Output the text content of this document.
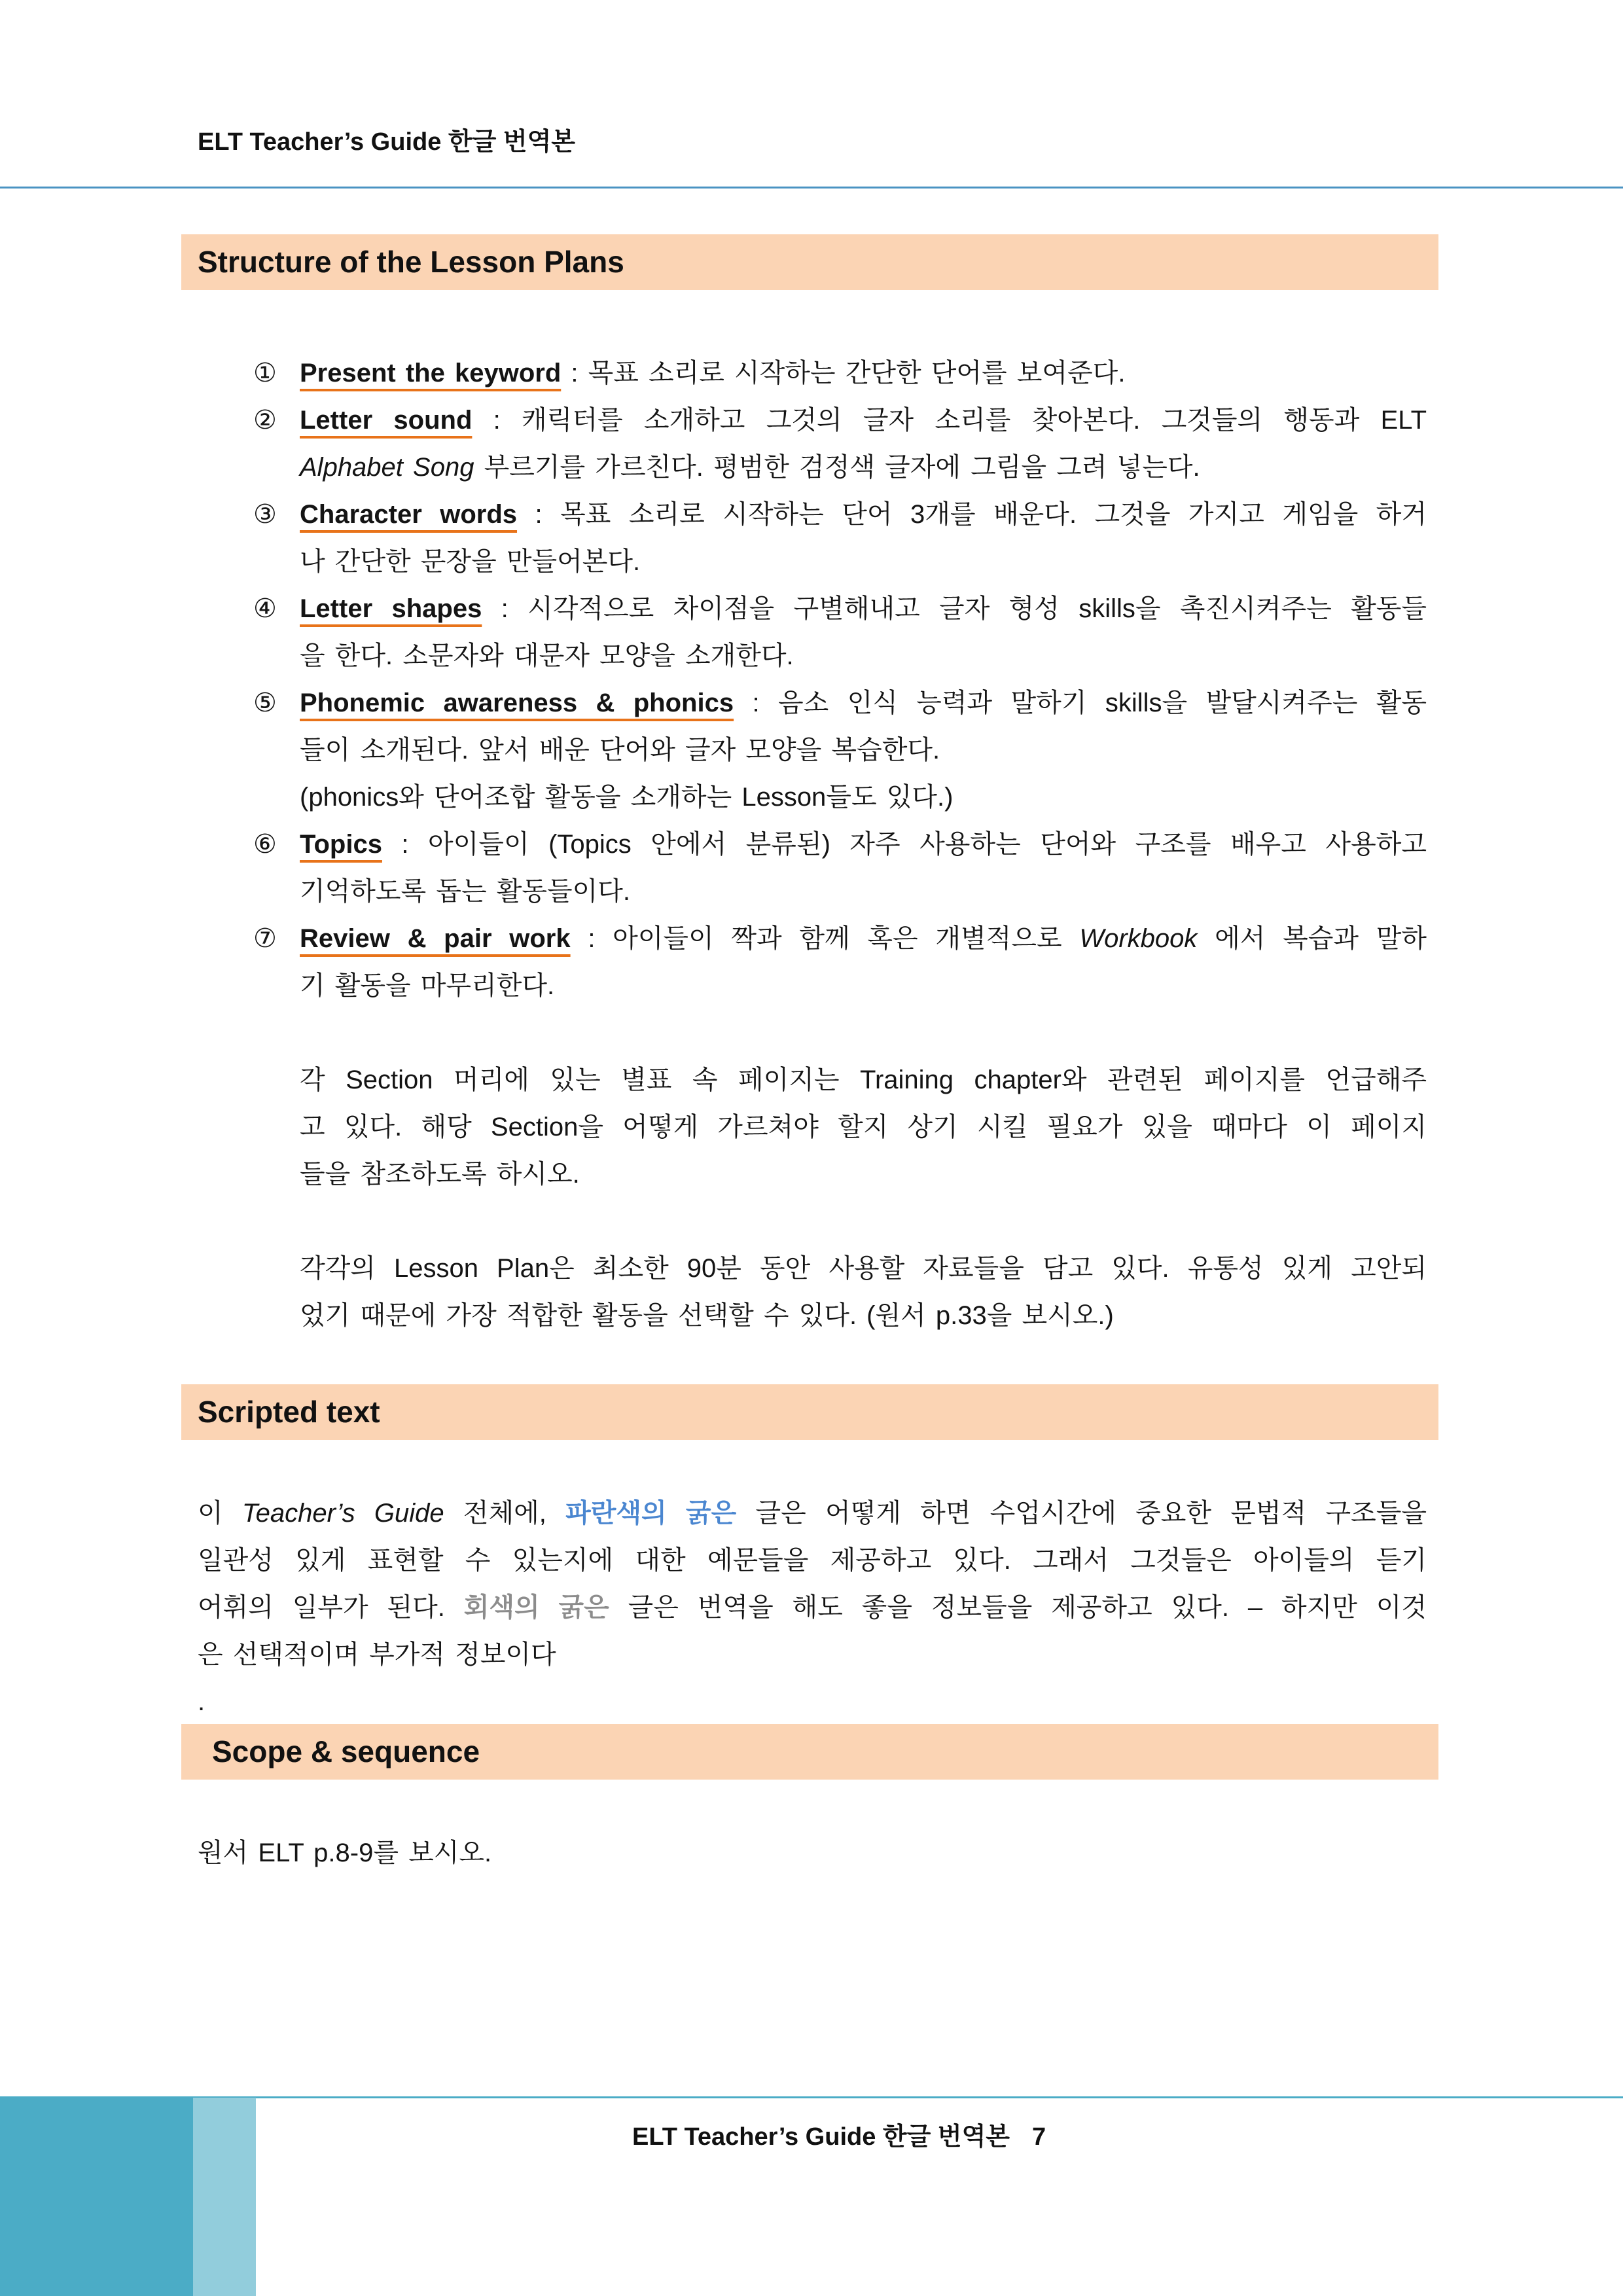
ELT Teacher’s Guide 한글 번역본
Structure of the Lesson Plans
① Present the keyword : 목표 소리로 시작하는 간단한 단어를 보여준다.
② Letter sound : 캐릭터를 소개하고 그것의 글자 소리를 찾아본다. 그것들의 행동과 ELT
Alphabet Song 부르기를 가르친다. 평범한 검정색 글자에 그림을 그려 넣는다.
③ Character words : 목표 소리로 시작하는 단어 3개를 배운다. 그것을 가지고 게임을 하거
나 간단한 문장을 만들어본다.
④ Letter shapes : 시각적으로 차이점을 구별해내고 글자 형성 skills을 촉진시켜주는 활동들
을 한다. 소문자와 대문자 모양을 소개한다.
⑤ Phonemic awareness & phonics : 음소 인식 능력과 말하기 skills을 발달시켜주는 활동
들이 소개된다. 앞서 배운 단어와 글자 모양을 복습한다.
(phonics와 단어조합 활동을 소개하는 Lesson들도 있다.)
⑥ Topics : 아이들이 (Topics 안에서 분류된) 자주 사용하는 단어와 구조를 배우고 사용하고
기억하도록 돕는 활동들이다.
⑦ Review & pair work : 아이들이 짝과 함께 혹은 개별적으로 Workbook 에서 복습과 말하
기 활동을 마무리한다.
각 Section 머리에 있는 별표 속 페이지는 Training chapter와 관련된 페이지를 언급해주
고 있다. 해당 Section을 어떻게 가르쳐야 할지 상기 시킬 필요가 있을 때마다 이 페이지
들을 참조하도록 하시오.
각각의 Lesson Plan은 최소한 90분 동안 사용할 자료들을 담고 있다. 유통성 있게 고안되
었기 때문에 가장 적합한 활동을 선택할 수 있다. (원서 p.33을 보시오.)
Scripted text
이 Teacher’s Guide 전체에, 파란색의 굵은 글은 어떻게 하면 수업시간에 중요한 문법적 구조들을
일관성 있게 표현할 수 있는지에 대한 예문들을 제공하고 있다. 그래서 그것들은 아이들의 듣기
어휘의 일부가 된다. 회색의 굵은 글은 번역을 해도 좋을 정보들을 제공하고 있다. – 하지만 이것
은 선택적이며 부가적 정보이다
.
Scope & sequence
원서 ELT p.8-9를 보시오.
ELT Teacher’s Guide 한글 번역본 7
